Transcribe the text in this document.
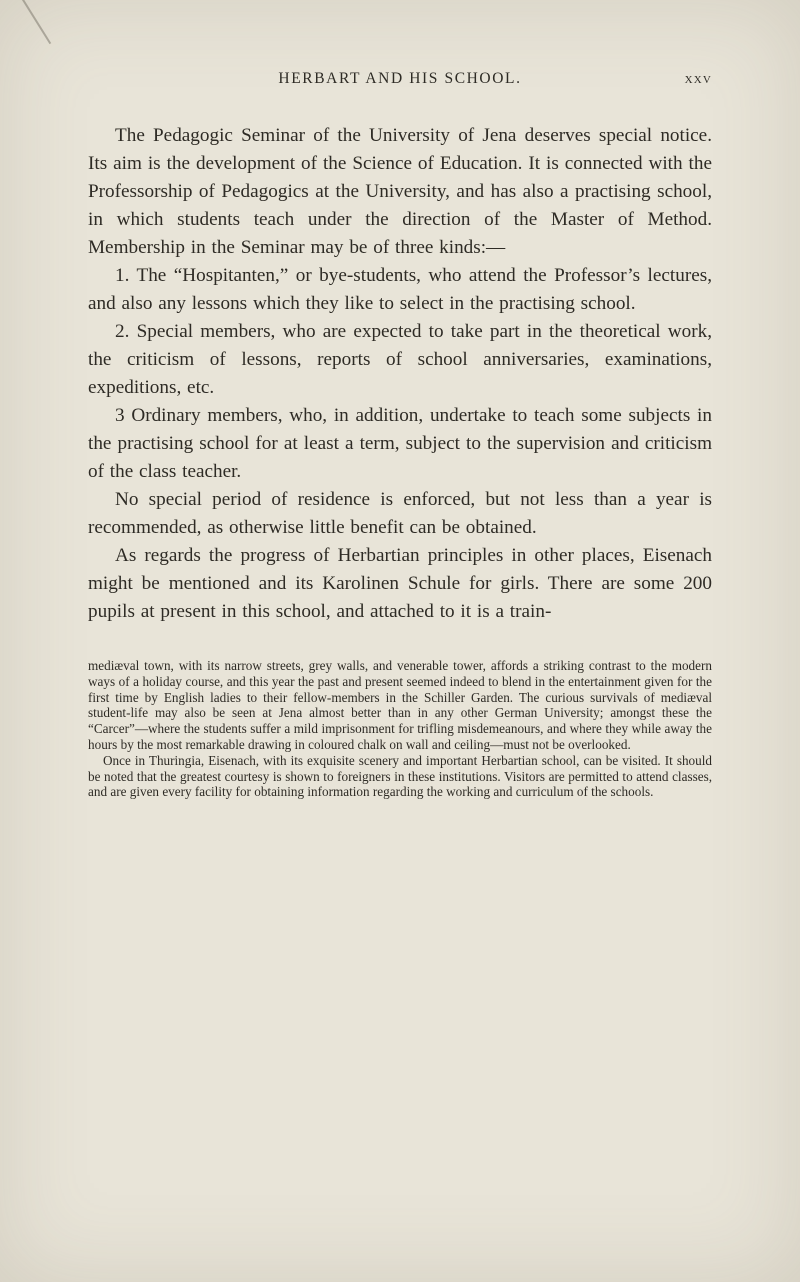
HERBART AND HIS SCHOOL.	xxv

The Pedagogic Seminar of the University of Jena deserves special notice. Its aim is the development of the Science of Education. It is connected with the Professorship of Pedagogics at the University, and has also a practising school, in which students teach under the direction of the Master of Method. Membership in the Seminar may be of three kinds:—

1. The “Hospitanten,” or bye-students, who attend the Professor’s lectures, and also any lessons which they like to select in the practising school.

2. Special members, who are expected to take part in the theoretical work, the criticism of lessons, reports of school anniversaries, examinations, expeditions, etc.

3 Ordinary members, who, in addition, undertake to teach some subjects in the practising school for at least a term, subject to the supervision and criticism of the class teacher.

No special period of residence is enforced, but not less than a year is recommended, as otherwise little benefit can be obtained.

As regards the progress of Herbartian principles in other places, Eisenach might be mentioned and its Karolinen Schule for girls. There are some 200 pupils at present in this school, and attached to it is a train-

mediæval town, with its narrow streets, grey walls, and venerable tower, affords a striking contrast to the modern ways of a holiday course, and this year the past and present seemed indeed to blend in the entertainment given for the first time by English ladies to their fellow-members in the Schiller Garden. The curious survivals of mediæval student-life may also be seen at Jena almost better than in any other German University; amongst these the “Carcer”—where the students suffer a mild imprisonment for trifling misdemeanours, and where they while away the hours by the most remarkable drawing in coloured chalk on wall and ceiling—must not be overlooked.

Once in Thuringia, Eisenach, with its exquisite scenery and important Herbartian school, can be visited. It should be noted that the greatest courtesy is shown to foreigners in these institutions. Visitors are permitted to attend classes, and are given every facility for obtaining information regarding the working and curriculum of the schools.
